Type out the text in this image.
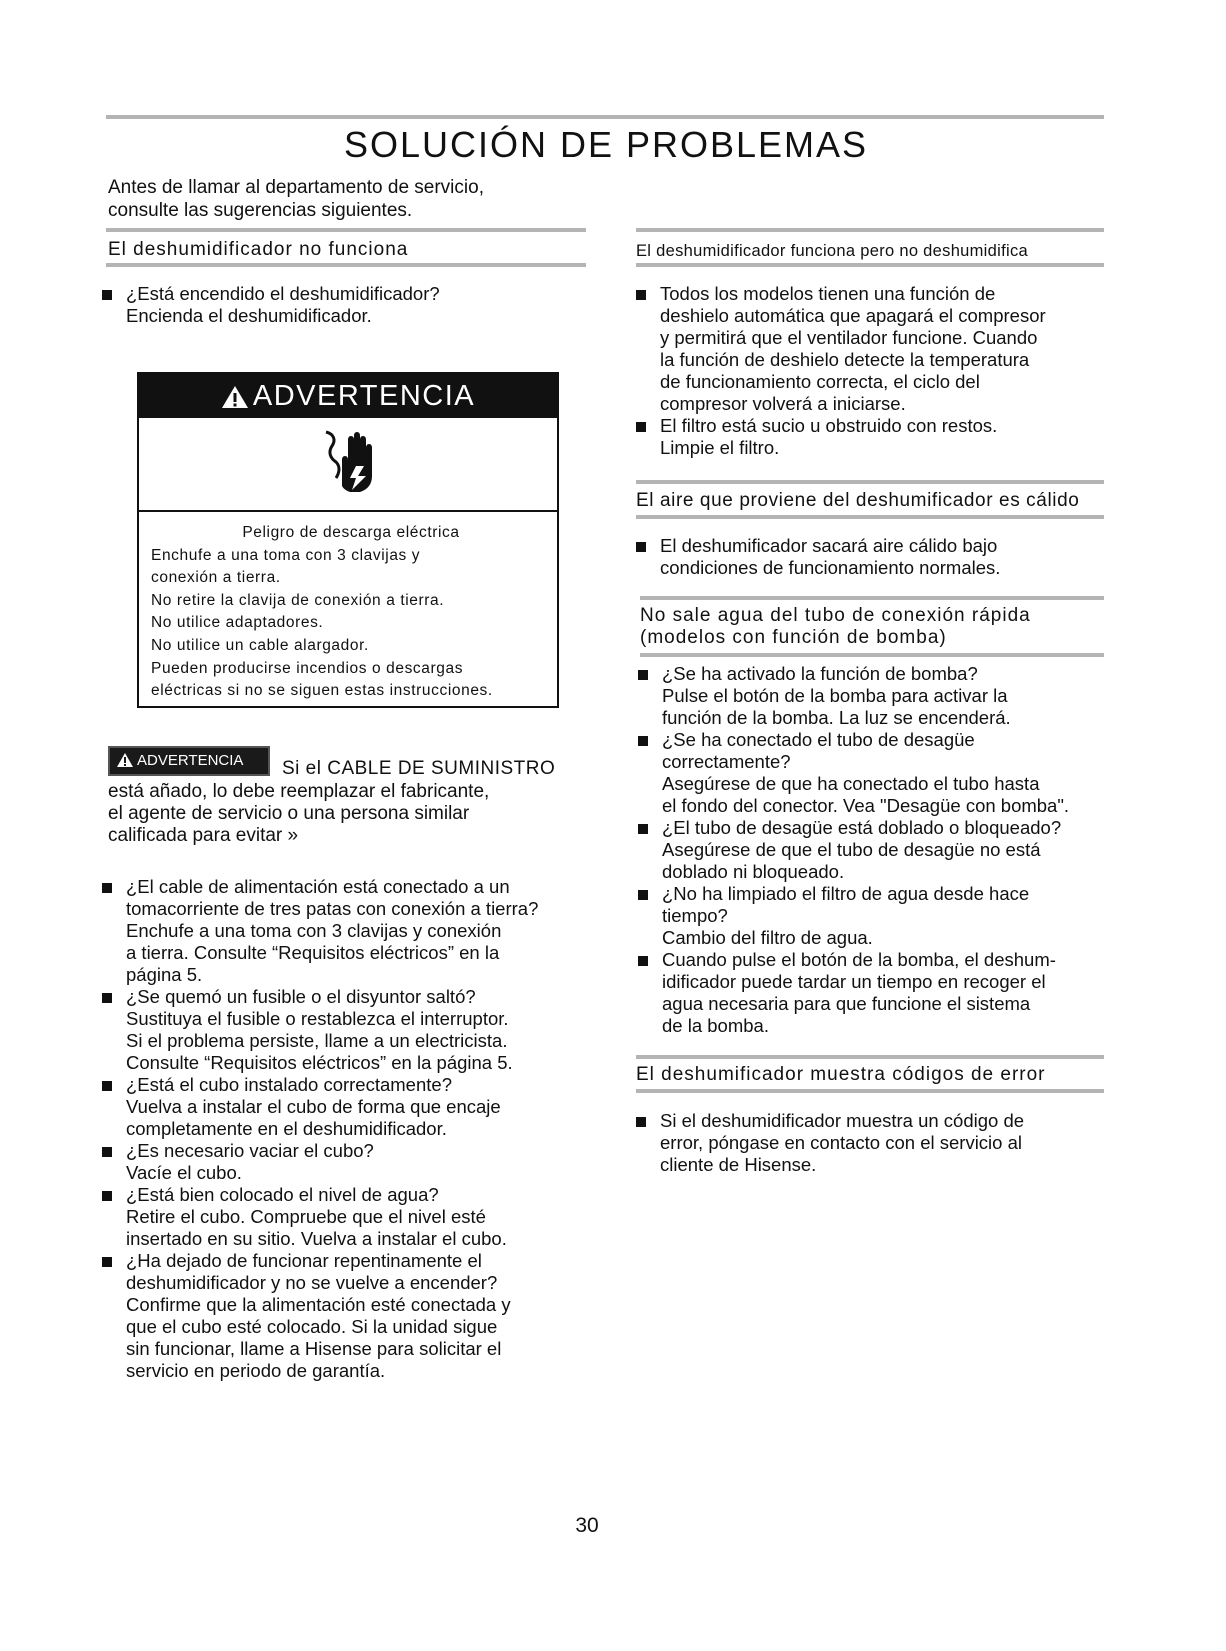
SOLUCIÓN DE PROBLEMAS
Antes de llamar al departamento de servicio,
consulte las sugerencias siguientes.
El deshumidificador no funciona
¿Está encendido el deshumidificador?
Encienda el deshumidificador.
ADVERTENCIA
Peligro de descarga eléctrica
Enchufe a una toma con 3 clavijas y
conexión a tierra.
No retire la clavija de conexión a tierra.
No utilice adaptadores.
No utilice un cable alargador.
Pueden producirse incendios o descargas
eléctricas si no se siguen estas instrucciones.
ADVERTENCIA	Si el CABLE DE SUMINISTRO
está añado, lo debe reemplazar el fabricante,
el agente de servicio o una persona similar
calificada para evitar »
¿El cable de alimentación está conectado a un
tomacorriente de tres patas con conexión a tierra?
Enchufe a una toma con 3 clavijas y conexión
a tierra. Consulte “Requisitos eléctricos” en la
página 5.
¿Se quemó un fusible o el disyuntor saltó?
Sustituya el fusible o restablezca el interruptor.
Si el problema persiste, llame a un electricista.
Consulte “Requisitos eléctricos” en la página 5.
¿Está el cubo instalado correctamente?
Vuelva a instalar el cubo de forma que encaje
completamente en el deshumidificador.
¿Es necesario vaciar el cubo?
Vacíe el cubo.
¿Está bien colocado el nivel de agua?
Retire el cubo. Compruebe que el nivel esté
insertado en su sitio. Vuelva a instalar el cubo.
¿Ha dejado de funcionar repentinamente el
deshumidificador y no se vuelve a encender?
Confirme que la alimentación esté conectada y
que el cubo esté colocado. Si la unidad sigue
sin funcionar, llame a Hisense para solicitar el
servicio en periodo de garantía.
El deshumidificador funciona pero no deshumidifica
Todos los modelos tienen una función de
deshielo automática que apagará el compresor
y permitirá que el ventilador funcione. Cuando
la función de deshielo detecte la temperatura
de funcionamiento correcta, el ciclo del
compresor volverá a iniciarse.
El filtro está sucio u obstruido con restos.
Limpie el filtro.
El aire que proviene del deshumificador es cálido
El deshumificador sacará aire cálido bajo
condiciones de funcionamiento normales.
No sale agua del tubo de conexión rápida
(modelos con función de bomba)
¿Se ha activado la función de bomba?
Pulse el botón de la bomba para activar la
función de la bomba. La luz se encenderá.
¿Se ha conectado el tubo de desagüe
correctamente?
Asegúrese de que ha conectado el tubo hasta
el fondo del conector. Vea "Desagüe con bomba".
¿El tubo de desagüe está doblado o bloqueado?
Asegúrese de que el tubo de desagüe no está
doblado ni bloqueado.
¿No ha limpiado el filtro de agua desde hace
tiempo?
Cambio del filtro de agua.
Cuando pulse el botón de la bomba, el deshum-
idificador puede tardar un tiempo en recoger el
agua necesaria para que funcione el sistema
de la bomba.
El deshumificador muestra códigos de error
Si el deshumidificador muestra un código de
error, póngase en contacto con el servicio al
cliente de Hisense.
30
